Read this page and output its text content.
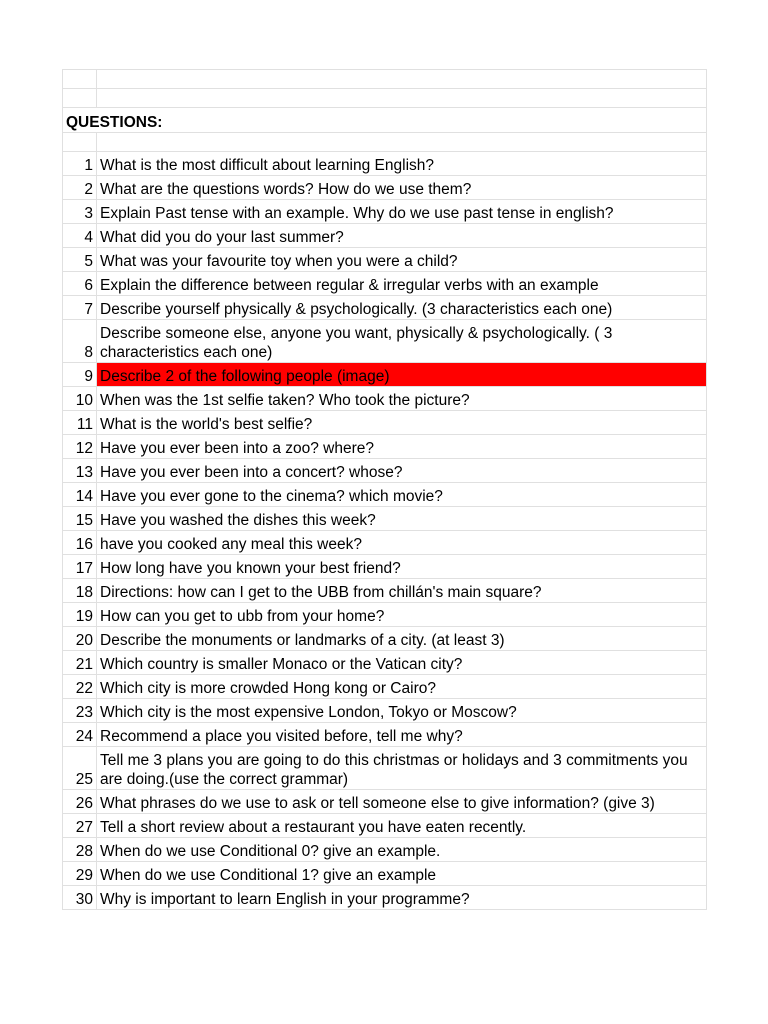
QUESTIONS:	

1	What is the most difficult about learning English?
2	What are the questions words? How do we use them?
3	Explain Past tense with an example. Why do we use past tense in english?
4	What did you do your last summer?
5	What was your favourite toy when you were a child?
6	Explain the difference between regular & irregular verbs with an example
7	Describe yourself physically & psychologically. (3 characteristics each one)
8	Describe someone else, anyone you want, physically & psychologically. ( 3 characteristics each one)
9	Describe 2 of the following people (image)
10	When was the 1st selfie taken? Who took the picture?
11	What is the world's best selfie?
12	Have you ever been into a zoo? where?
13	Have you ever been into a concert? whose?
14	Have you ever gone to the cinema? which movie?
15	Have you washed the dishes this week?
16	have you cooked any meal this week?
17	How long have you known your best friend?
18	Directions: how can I get to the UBB from chillán's main square?
19	How can you get to ubb from your home?
20	Describe the monuments or landmarks of a city. (at least 3)
21	Which country is smaller Monaco or the Vatican city?
22	Which city is more crowded Hong kong or Cairo?
23	Which city is the most expensive London, Tokyo or Moscow?
24	Recommend a place you visited before, tell me why?
25	Tell me 3 plans you are going to do this christmas or holidays and 3 commitments you are doing.(use the correct grammar)
26	What phrases do we use to ask or tell someone else to give information? (give 3)
27	Tell a short review about a restaurant you have eaten recently.
28	When do we use Conditional 0? give an example.
29	When do we use Conditional 1? give an example
30	Why is important to learn English in your programme?
